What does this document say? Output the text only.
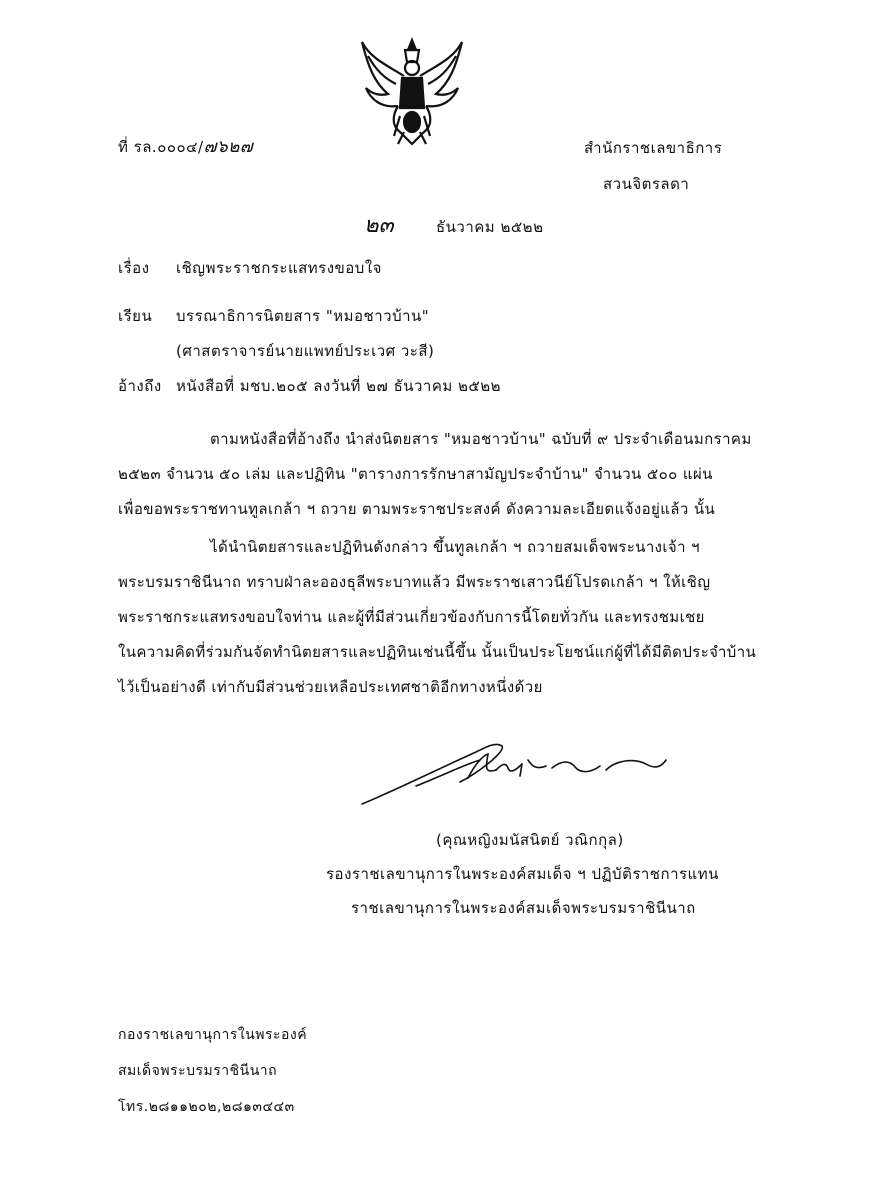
ที่ รล.๐๐๐๔/๗๖๒๗	สำนักราชเลขาธิการ
สวนจิตรลดา
๒๓	ธันวาคม ๒๕๒๒
เรื่อง เชิญพระราชกระแสทรงขอบใจ
เรียน บรรณาธิการนิตยสาร "หมอชาวบ้าน"
(ศาสตราจารย์นายแพทย์ประเวศ วะสี)
อ้างถึง หนังสือที่ มชบ.๒๐๕ ลงวันที่ ๒๗ ธันวาคม ๒๕๒๒
ตามหนังสือที่อ้างถึง นำส่งนิตยสาร "หมอชาวบ้าน" ฉบับที่ ๙ ประจำเดือนมกราคม
๒๕๒๓ จำนวน ๕๐ เล่ม และปฏิทิน "ตารางการรักษาสามัญประจำบ้าน" จำนวน ๕๐๐ แผ่น
เพื่อขอพระราชทานทูลเกล้า ฯ ถวาย ตามพระราชประสงค์ ดังความละเอียดแจ้งอยู่แล้ว นั้น
ได้นำนิตยสารและปฏิทินดังกล่าว ขึ้นทูลเกล้า ฯ ถวายสมเด็จพระนางเจ้า ฯ
พระบรมราชินีนาถ ทราบฝ่าละอองธุลีพระบาทแล้ว มีพระราชเสาวนีย์โปรดเกล้า ฯ ให้เชิญ
พระราชกระแสทรงขอบใจท่าน และผู้ที่มีส่วนเกี่ยวข้องกับการนี้โดยทั่วกัน และทรงชมเชย
ในความคิดที่ร่วมกันจัดทำนิตยสารและปฏิทินเช่นนี้ขึ้น นั้นเป็นประโยชน์แก่ผู้ที่ได้มีติดประจำบ้าน
ไว้เป็นอย่างดี เท่ากับมีส่วนช่วยเหลือประเทศชาติอีกทางหนึ่งด้วย
(คุณหญิงมนัสนิตย์ วณิกกุล)
รองราชเลขานุการในพระองค์สมเด็จ ฯ ปฏิบัติราชการแทน
ราชเลขานุการในพระองค์สมเด็จพระบรมราชินีนาถ
กองราชเลขานุการในพระองค์
สมเด็จพระบรมราชินีนาถ
โทร.๒๘๑๑๒๐๒,๒๘๑๓๔๔๓
